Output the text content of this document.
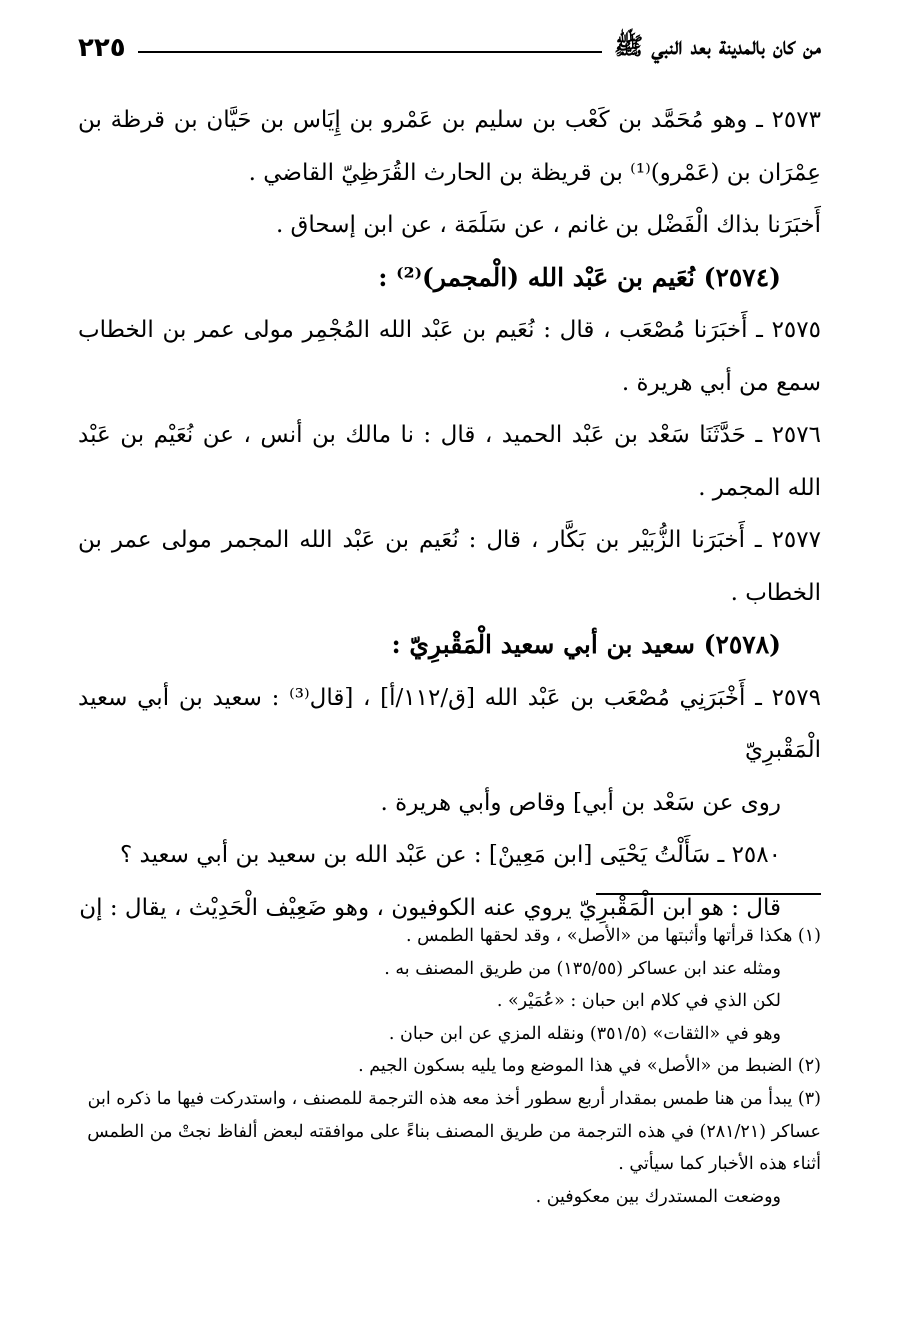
من كان بالمدينة بعد النبي ﷺ
٢٢٥

٢٥٧٣ ـ وهو مُحَمَّد بن كَعْب بن سليم بن عَمْرو بن إِيَاس بن حَيَّان بن قرظة بن عِمْرَان بن (عَمْرو)⁽¹⁾ بن قريظة بن الحارث القُرَظِيّ القاضي .

أَخبَرَنا بذاك الْفَضْل بن غانم ، عن سَلَمَة ، عن ابن إسحاق .

(٢٥٧٤) نُعَيم بن عَبْد الله (الْمجمر)⁽²⁾ :

٢٥٧٥ ـ أَخبَرَنا مُصْعَب ، قال : نُعَيم بن عَبْد الله المُجْمِر مولى عمر بن الخطاب سمع من أبي هريرة .

٢٥٧٦ ـ حَدَّثَنَا سَعْد بن عَبْد الحميد ، قال : نا مالك بن أنس ، عن نُعَيْم بن عَبْد الله المجمر .

٢٥٧٧ ـ أَخبَرَنا الزُّبَيْر بن بَكَّار ، قال : نُعَيم بن عَبْد الله المجمر مولى عمر بن الخطاب .

(٢٥٧٨) سعيد بن أبي سعيد الْمَقْبرِيّ :

٢٥٧٩ ـ أَخْبَرَنِي مُصْعَب بن عَبْد الله [ق/١١٢/أ] ، [قال⁽³⁾ : سعيد بن أبي سعيد الْمَقْبرِيّ

روى عن سَعْد بن أبي] وقاص وأبي هريرة .

٢٥٨٠ ـ سَأَلْتُ يَحْيَى [ابن مَعِينْ] : عن عَبْد الله بن سعيد بن أبي سعيد ؟

قال : هو ابن الْمَقْبرِيّ يروي عنه الكوفيون ، وهو ضَعِيْف الْحَدِيْث ، يقال : إن

(١) هكذا قرأتها وأثبتها من «الأصل» ، وقد لحقها الطمس .

ومثله عند ابن عساكر (١٣٥/٥٥) من طريق المصنف به .

لكن الذي في كلام ابن حبان : «عُمَيْر» .

وهو في «الثقات» (٣٥١/٥) ونقله المزي عن ابن حبان .

(٢) الضبط من «الأصل» في هذا الموضع وما يليه بسكون الجيم .

(٣) يبدأ من هنا طمس بمقدار أربع سطور أخذ معه هذه الترجمة للمصنف ، واستدركت فيها ما ذكره ابن عساكر (٢٨١/٢١) في هذه الترجمة من طريق المصنف بناءً على موافقته لبعض ألفاظ نجتْ من الطمس أثناء هذه الأخبار كما سيأتي .

ووضعت المستدرك بين معكوفين .
